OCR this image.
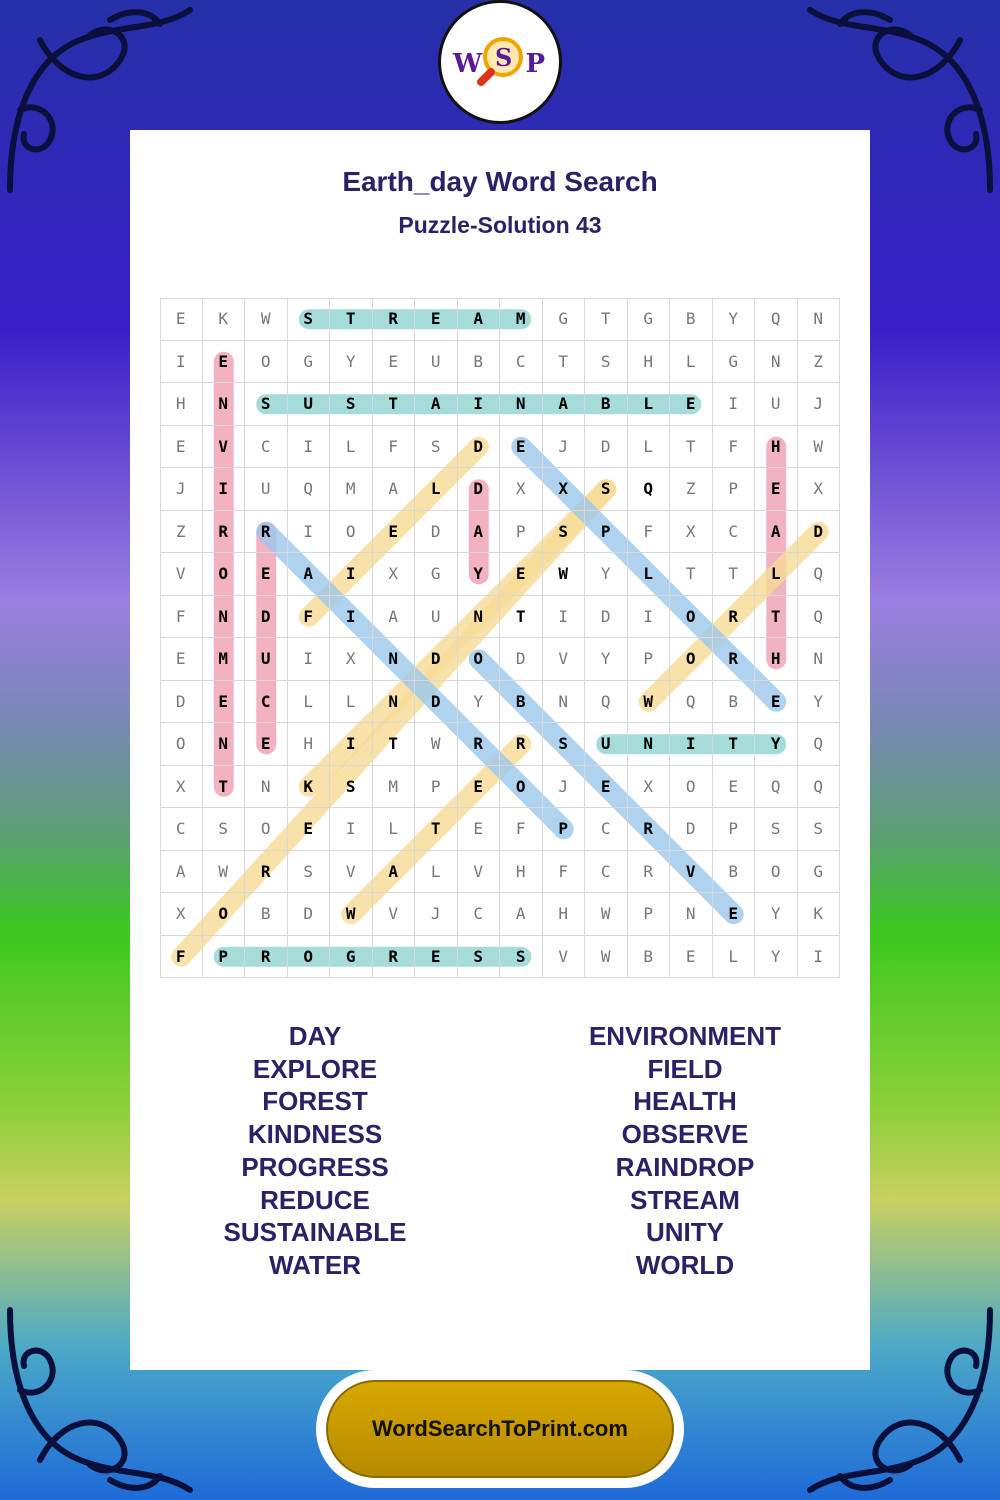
W S P
Earth_day Word Search
Puzzle-Solution 43
E	K	W	S	T	R	E	A	M	G	T	G	B	Y	Q	N
I	E	O	G	Y	E	U	B	C	T	S	H	L	G	N	Z
H	N	S	U	S	T	A	I	N	A	B	L	E	I	U	J
E	V	C	I	L	F	S	D	E	J	D	L	T	F	H	W
J	I	U	Q	M	A	L	D	X	X	S	Q	Z	P	E	X
Z	R	R	I	O	E	D	A	P	S	P	F	X	C	A	D
V	O	E	A	I	X	G	Y	E	W	Y	L	T	T	L	Q
F	N	D	F	I	A	U	N	T	I	D	I	O	R	T	Q
E	M	U	I	X	N	D	O	D	V	Y	P	O	R	H	N
D	E	C	L	L	N	D	Y	B	N	Q	W	Q	B	E	Y
O	N	E	H	I	T	W	R	R	S	U	N	I	T	Y	Q
X	T	N	K	S	M	P	E	O	J	E	X	O	E	Q	Q
C	S	O	E	I	L	T	E	F	P	C	R	D	P	S	S
A	W	R	S	V	A	L	V	H	F	C	R	V	B	O	G
X	O	B	D	W	V	J	C	A	H	W	P	N	E	Y	K
F	P	R	O	G	R	E	S	S	V	W	B	E	L	Y	I
DAY
EXPLORE
FOREST
KINDNESS
PROGRESS
REDUCE
SUSTAINABLE
WATER
ENVIRONMENT
FIELD
HEALTH
OBSERVE
RAINDROP
STREAM
UNITY
WORLD
WordSearchToPrint.com
